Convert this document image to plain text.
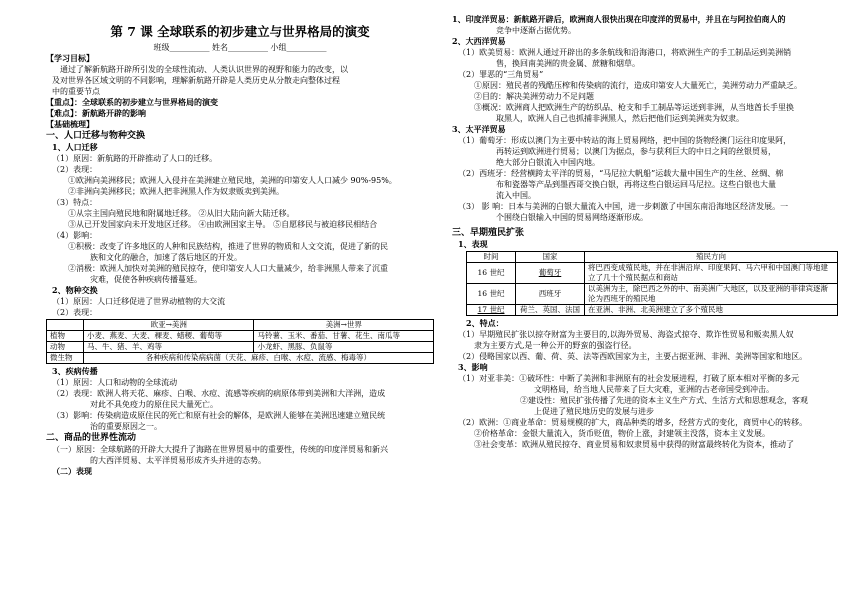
第 7 课 全球联系的初步建立与世界格局的演变
班级__________ 姓名__________ 小组__________
【学习目标】
通过了解新航路开辟所引发的全球性流动、人类认识世界的视野和能力的改变，以
及对世界各区域文明的不同影响，理解新航路开辟是人类历史从分散走向整体过程
中的重要节点
【重点】：全球联系的初步建立与世界格局的演变
【难点】：新航路开辟的影响
【基础梳理】
一、人口迁移与物种交换
1、人口迁移
（1）原因：新航路的开辟推动了人口的迁移。
（2）表现：
①欧洲向美洲移民；欧洲人入侵并在美洲建立殖民地，美洲的印第安人人口减少 90%-95%。
②非洲向美洲移民；欧洲人把非洲黑人作为奴隶贩卖到美洲。
（3）特点：
①从宗主国向殖民地和附属地迁移。 ②从旧大陆向新大陆迁移。
③从已开发国家向未开发地区迁移。 ④由欧洲国家主导。 ⑤自愿移民与被迫移民相结合
（4）影响：
①积极：改变了许多地区的人种和民族结构，推进了世界的物质和人文交流，促进了新的民
族和文化的融合，加速了落后地区的开发。
②消极：欧洲人加快对美洲的殖民掠夺，使印第安人人口大量减少，给非洲黑人带来了沉重
灾难，促使各种疾病传播蔓延。
2、物种交换
（1）原因：人口迁移促进了世界动植物的大交流
（2）表现：
	欧亚→美洲	美洲→世界
植物	小麦、燕麦、大麦、稞麦、蜡稷、葡萄等	马铃薯、玉米、番茄、甘薯、花生、南瓜等
动物	马、牛、猪、羊、鸡等	小龙虾、黑豚、负鼠等
微生物	各种疾病和传染病病菌（天花、麻疹、白喉、水痘、流感、梅毒等）	
3、疾病传播
（1）原因：人口和动物的全球流动
（2）表现：欧洲人将天花、麻疹、白喉、水痘、流感等疾病的病原体带到美洲和大洋洲，造成
对此不具免疫力的原住民大量死亡。
（3）影响：传染病造成原住民的死亡和原有社会的解体，是欧洲人能够在美洲迅速建立殖民统
治的重要原因之一。
二、商品的世界性流动
（一）原因：全球航路的开辟大大提升了海路在世界贸易中的重要性，传统的印度洋贸易和新兴
的大西洋贸易、太平洋贸易形成齐头并进的态势。
（二）表现
1、印度洋贸易：新航路开辟后，欧洲商人很快出现在印度洋的贸易中，并且在与阿拉伯商人的
竞争中逐渐占据优势。
2、大西洋贸易
（1）欧美贸易：欧洲人通过开辟出的多条航线和沿海港口，将欧洲生产的手工制品运到美洲销
售，换回南美洲的贵金属、蔗糖和烟草。
（2）罪恶的“三角贸易”
①原因：殖民者的残酷压榨和传染病的流行，造成印第安人大量死亡，美洲劳动力严重缺乏。
②目的：解决美洲劳动力不足问题
③概况：欧洲商人把欧洲生产的纺织品、枪支和手工制品等运送到非洲，从当地酋长手里换
取黑人，欧洲人自己也抓捕非洲黑人，然后把他们运到美洲卖为奴隶。
3、太平洋贸易
（1）葡萄牙：形成以澳门为主要中转站的海上贸易网络，把中国的货物经澳门运往印度果阿，
再转运到欧洲进行贸易；以澳门为据点，参与获利巨大的中日之间的丝银贸易，
绝大部分白银流入中国内地。
（2）西班牙：经营横跨太平洋的贸易，“马尼拉大帆船”运载大量中国生产的生丝、丝绸、棉
布和瓷器等产品到墨西哥交换白银，再将这些白银运回马尼拉。这些白银也大量
流入中国。
（3） 影 响：日本与美洲的白银大量流入中国，进一步刺激了中国东南沿海地区经济发展。一
个围绕白银输入中国的贸易网络逐渐形成。
三、早期殖民扩张
1、表现
时间	国家	殖民方向
16 世纪	葡萄牙	将巴西变成殖民地，并在非洲沿岸、印度果阿、马六甲和中国澳门等地建立了几十个殖民据点和商站
16 世纪	西班牙	以美洲为主，除巴西之外的中、南美洲广大地区，以及亚洲的菲律宾逐渐沦为西班牙的殖民地
17 世纪	荷兰、英国、法国	在亚洲、非洲、北美洲建立了多个殖民地
2、特点：
（1）早期殖民扩张以掠夺财富为主要目的,以海外贸易、海盗式掠夺、欺诈性贸易和贩卖黑人奴
隶为主要方式,是一种公开的野蛮的强盗行径。
（2）侵略国家以西、葡、荷、英、法等西欧国家为主，主要占据亚洲、非洲、美洲等国家和地区。
3、影响
（1）对亚非美：①破坏性：中断了美洲和非洲原有的社会发展进程，打破了原本相对平衡的多元
文明格局，给当地人民带来了巨大灾难，亚洲的古老帝国受到冲击。
②建设性：殖民扩张传播了先进的资本主义生产方式、生活方式和思想观念，客观
上促进了殖民地历史的发展与进步
（2）欧洲：①商业革命：贸易规模的扩大，商品种类的增多，经营方式的变化，商贸中心的转移。
②价格革命：金银大量流入，货币贬值，物价上涨，封建领主没落，资本主义发展。
③社会变革：欧洲从殖民掠夺、商业贸易和奴隶贸易中获得的财富最终转化为资本，推动了
